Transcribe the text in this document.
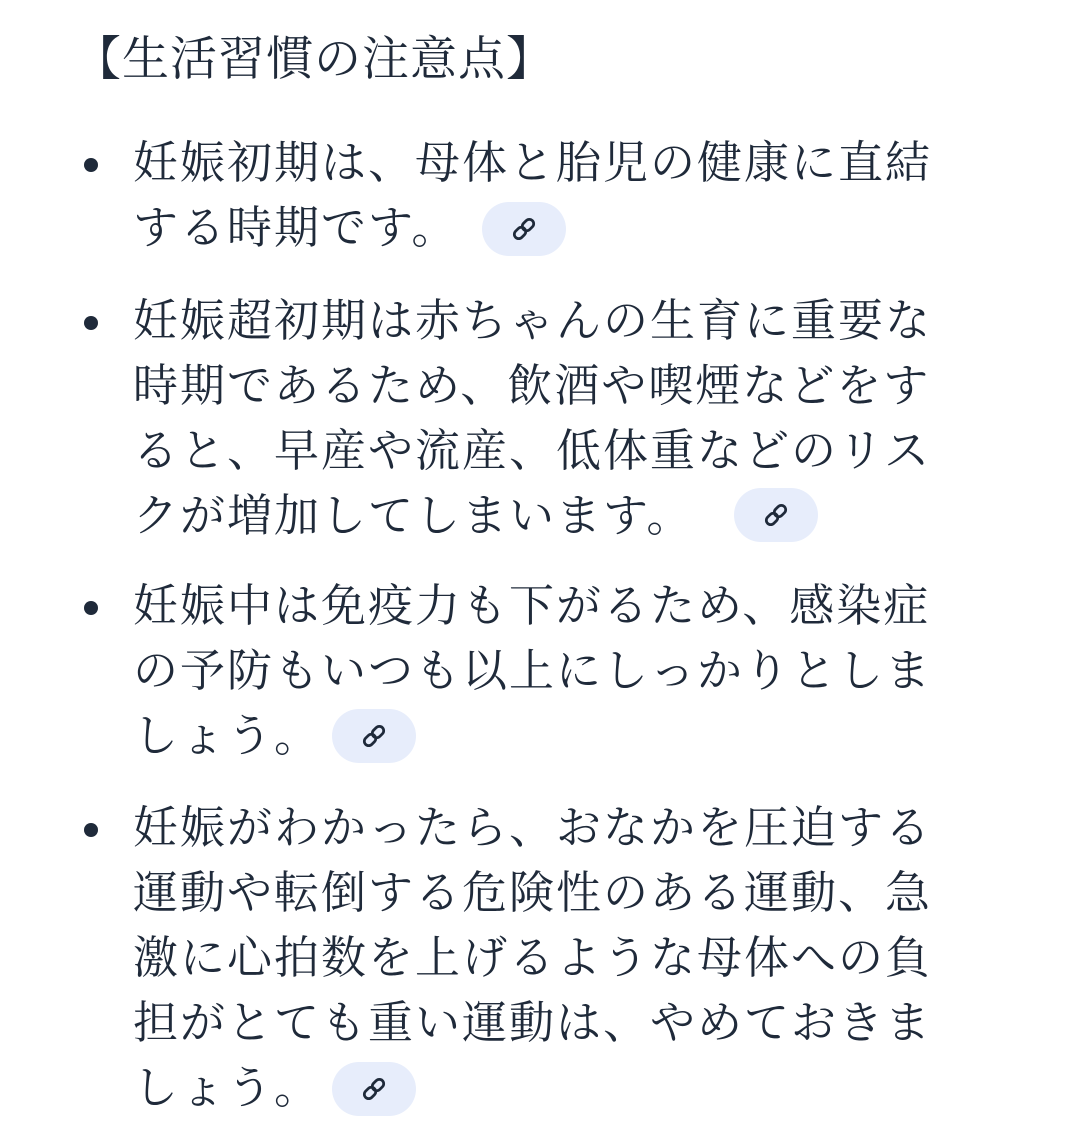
【生活習慣の注意点】
妊娠初期は、母体と胎児の健康に直結
する時期です。
妊娠超初期は赤ちゃんの生育に重要な
時期であるため、飲酒や喫煙などをす
ると、早産や流産、低体重などのリス
クが増加してしまいます。
妊娠中は免疫力も下がるため、感染症
の予防もいつも以上にしっかりとしま
しょう。
妊娠がわかったら、おなかを圧迫する
運動や転倒する危険性のある運動、急
激に心拍数を上げるような母体への負
担がとても重い運動は、やめておきま
しょう。
